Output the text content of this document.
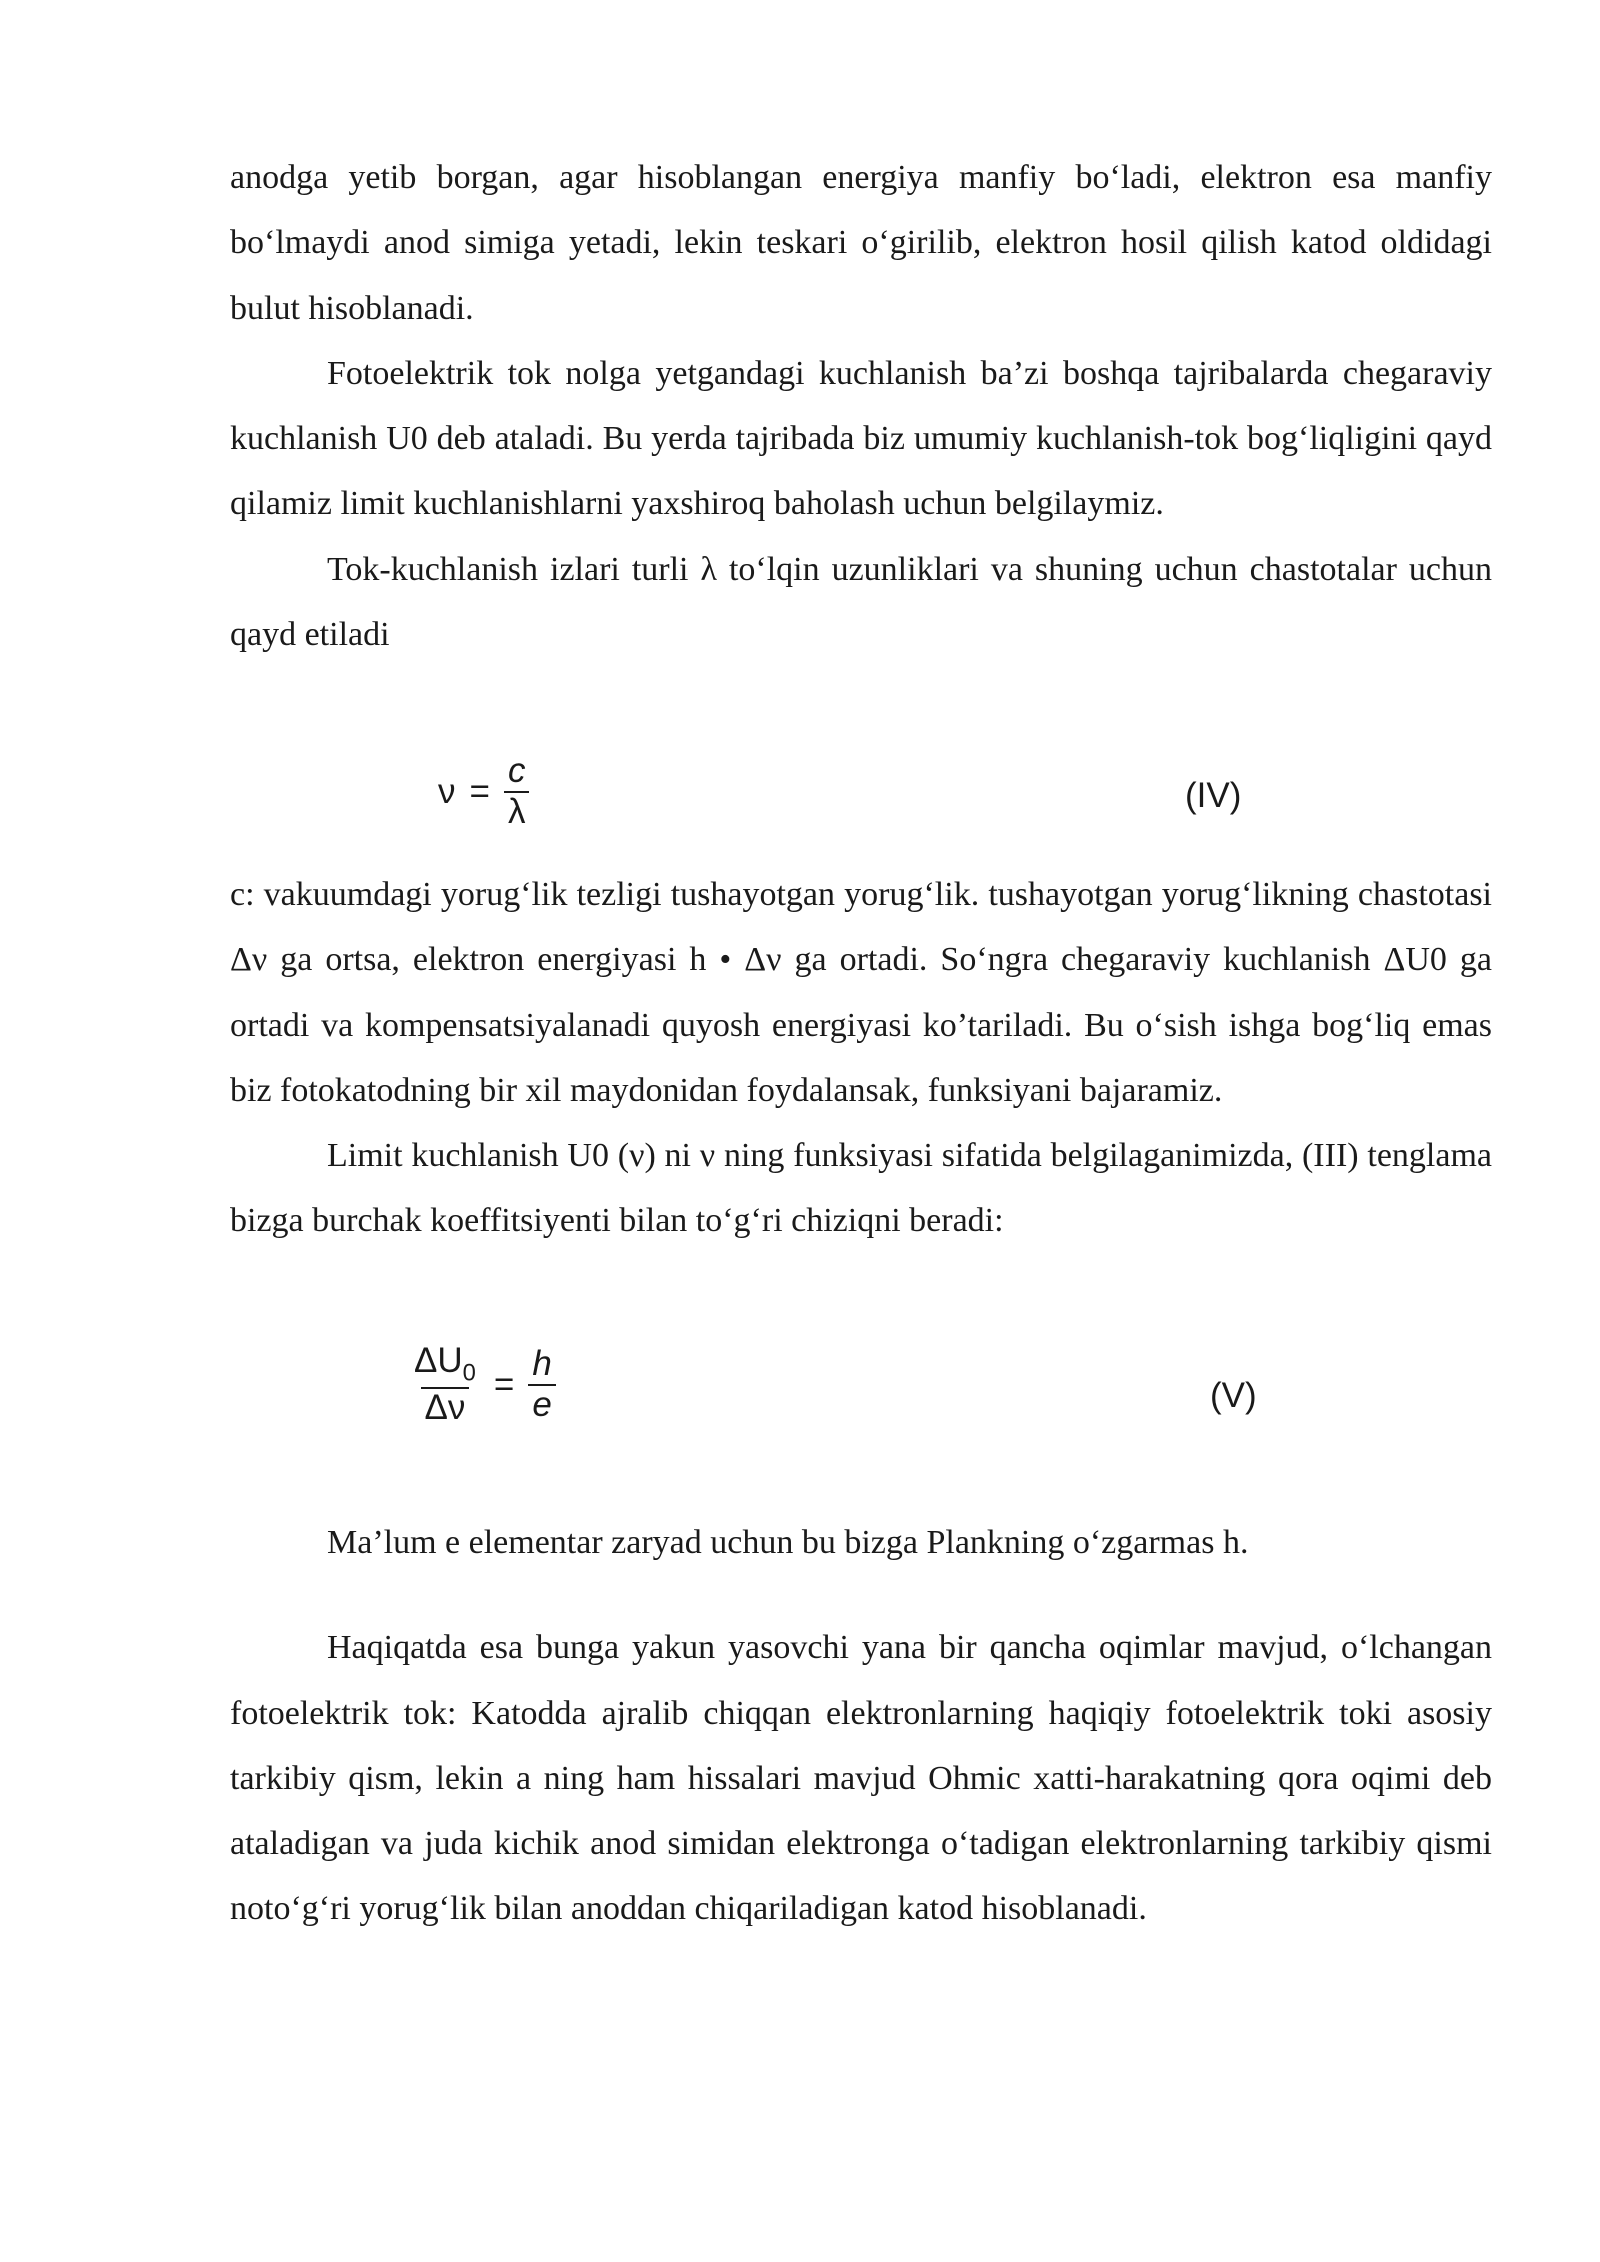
anodga yetib borgan, agar hisoblangan energiya manfiy bo‘ladi, elektron esa manfiy bo‘lmaydi anod simiga yetadi, lekin teskari o‘girilib, elektron hosil qilish katod oldidagi bulut hisoblanadi.

Fotoelektrik tok nolga yetgandagi kuchlanish ba’zi boshqa tajribalarda chegaraviy kuchlanish U0 deb ataladi. Bu yerda tajribada biz umumiy kuchlanish-tok bog‘liqligini qayd qilamiz limit kuchlanishlarni yaxshiroq baholash uchun belgilaymiz.

Tok-kuchlanish izlari turli λ to‘lqin uzunliklari va shuning uchun chastotalar uchun qayd etiladi

$\nu = \frac{c}{\lambda}$	(IV)

c: vakuumdagi yorug‘lik tezligi tushayotgan yorug‘lik. tushayotgan yorug‘likning chastotasi Δν ga ortsa, elektron energiyasi h • Δν ga ortadi. So‘ngra chegaraviy kuchlanish ΔU0 ga ortadi va kompensatsiyalanadi quyosh energiyasi ko’tariladi. Bu o‘sish ishga bog‘liq emas biz fotokatodning bir xil maydonidan foydalansak, funksiyani bajaramiz.

Limit kuchlanish U0 (ν) ni ν ning funksiyasi sifatida belgilaganimizda, (III) tenglama bizga burchak koeffitsiyenti bilan to‘g‘ri chiziqni beradi:

$\frac{\Delta U_0}{\Delta\nu} = \frac{h}{e}$	(V)

Ma’lum e elementar zaryad uchun bu bizga Plankning o‘zgarmas h.

Haqiqatda esa bunga yakun yasovchi yana bir qancha oqimlar mavjud, o‘lchangan fotoelektrik tok: Katodda ajralib chiqqan elektronlarning haqiqiy fotoelektrik toki asosiy tarkibiy qism, lekin a ning ham hissalari mavjud Ohmic xatti-harakatning qora oqimi deb ataladigan va juda kichik anod simidan elektronga o‘tadigan elektronlarning tarkibiy qismi noto‘g‘ri yorug‘lik bilan anoddan chiqariladigan katod hisoblanadi.
